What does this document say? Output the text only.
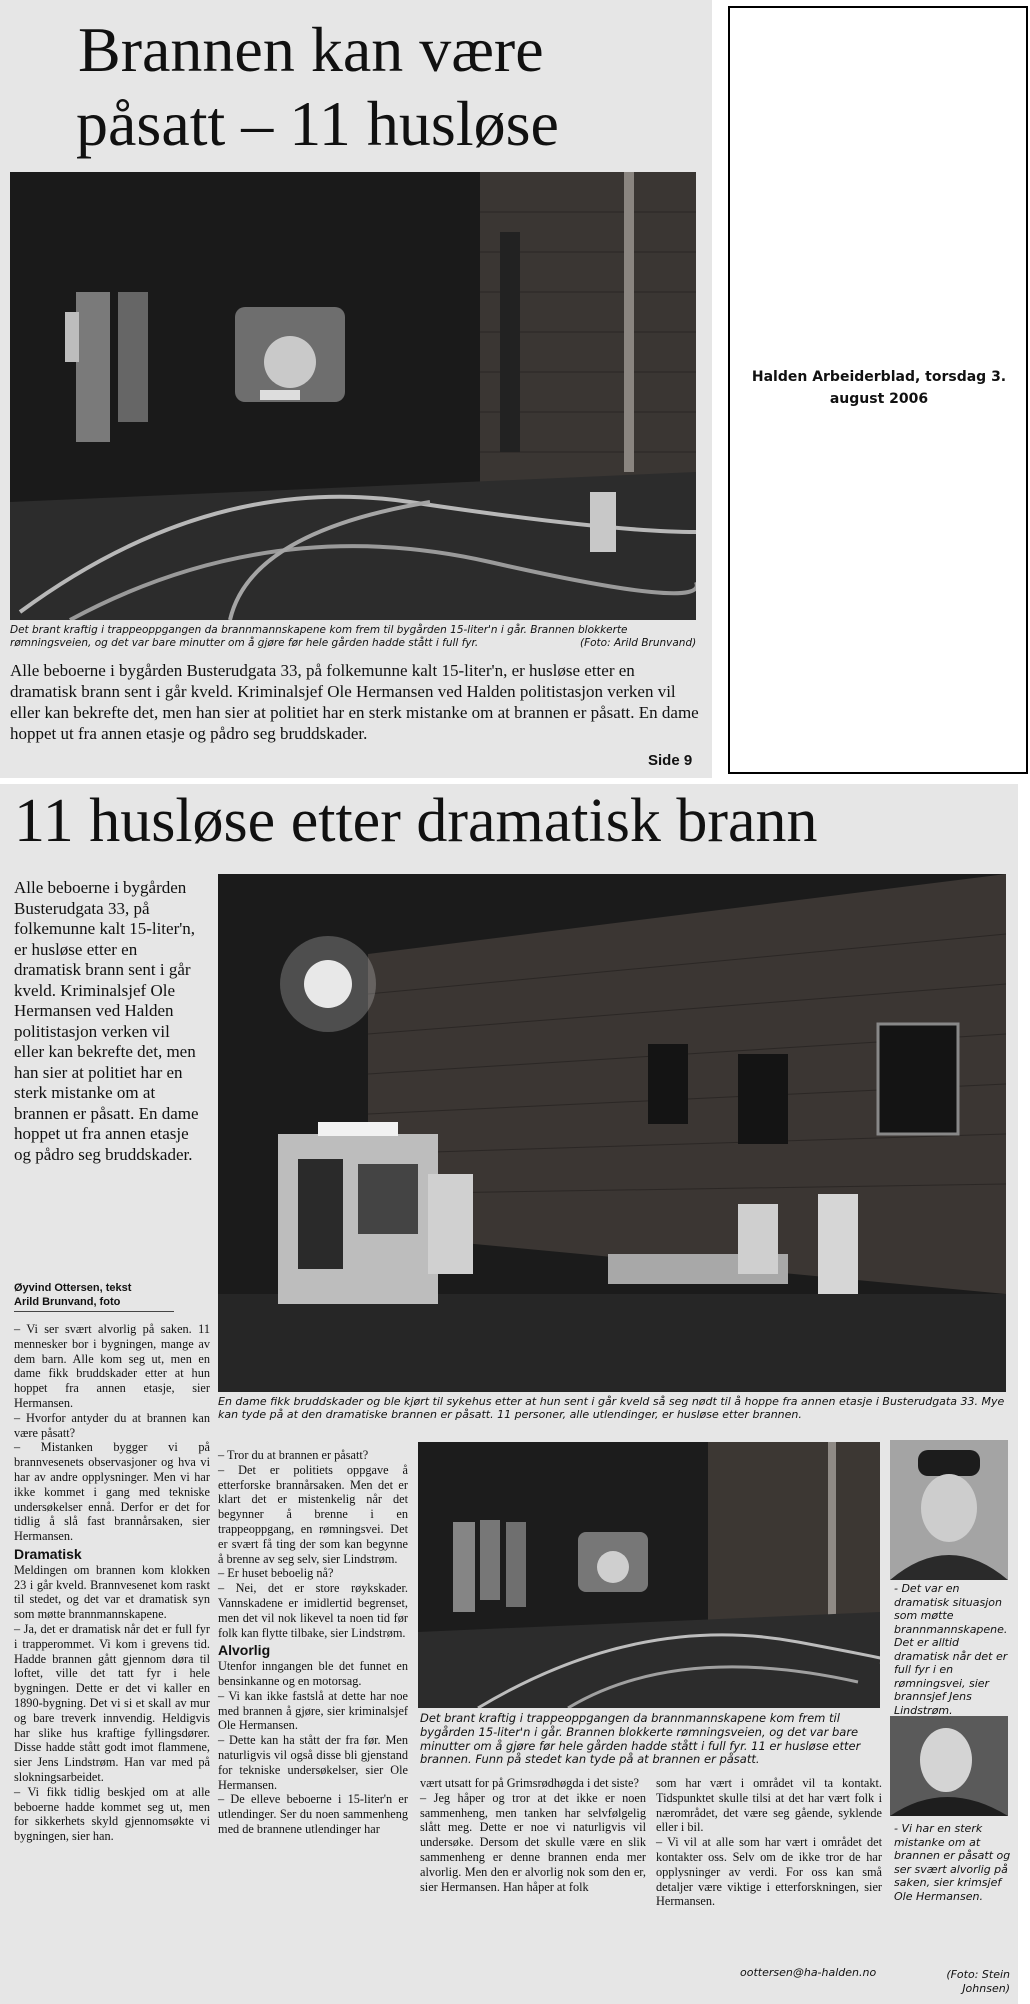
Brannen kan være
påsatt – 11 husløse
Det brant kraftig i trappeoppgangen da brannmannskapene kom frem til bygården 15-liter'n i går. Brannen blokkerte rømningsveien, og det var bare minutter om å gjøre før hele gården hadde stått i full fyr.	(Foto: Arild Brunvand)
Alle beboerne i bygården Busterudgata 33, på folkemunne kalt 15-liter'n, er husløse etter en dramatisk brann sent i går kveld. Kriminalsjef Ole Hermansen ved Halden politistasjon verken vil eller kan bekrefte det, men han sier at politiet har en sterk mistanke om at brannen er påsatt. En dame hoppet ut fra annen etasje og pådro seg bruddskader.
Side 9
Halden Arbeiderblad, torsdag 3. august 2006
11 husløse etter dramatisk brann
Alle beboerne i bygården Busterudgata 33, på folkemunne kalt 15-liter'n, er husløse etter en dramatisk brann sent i går kveld. Kriminalsjef Ole Hermansen ved Halden politistasjon verken vil eller kan bekrefte det, men han sier at politiet har en sterk mistanke om at brannen er påsatt. En dame hoppet ut fra annen etasje og pådro seg bruddskader.
Øyvind Ottersen, tekst
Arild Brunvand, foto
En dame fikk bruddskader og ble kjørt til sykehus etter at hun sent i går kveld så seg nødt til å hoppe fra annen etasje i Busterudgata 33. Mye kan tyde på at den dramatiske brannen er påsatt. 11 personer, alle utlendinger, er husløse etter brannen.

– Vi ser svært alvorlig på saken. 11 mennesker bor i bygningen, mange av dem barn. Alle kom seg ut, men en dame fikk bruddskader etter at hun hoppet fra annen etasje, sier Hermansen.

– Hvorfor antyder du at brannen kan være påsatt?

– Mistanken bygger vi på brannvesenets observasjoner og hva vi har av andre opplysninger. Men vi har ikke kommet i gang med tekniske undersøkelser ennå. Derfor er det for tidlig å slå fast brannårsaken, sier Hermansen.

Dramatisk

Meldingen om brannen kom klokken 23 i går kveld. Brannvesenet kom raskt til stedet, og det var et dramatisk syn som møtte brannmannskapene.

– Ja, det er dramatisk når det er full fyr i trapperommet. Vi kom i grevens tid. Hadde brannen gått gjennom døra til loftet, ville det tatt fyr i hele bygningen. Dette er det vi kaller en 1890-bygning. Det vi si et skall av mur og bare treverk innvendig. Heldigvis har slike hus kraftige fyllingsdører. Disse hadde stått godt imot flammene, sier Jens Lindstrøm. Han var med på slokningsarbeidet.

– Vi fikk tidlig beskjed om at alle beboerne hadde kommet seg ut, men for sikkerhets skyld gjennomsøkte vi bygningen, sier han.

– Tror du at brannen er påsatt?

– Det er politiets oppgave å etterforske brannårsaken. Men det er klart det er mistenkelig når det begynner å brenne i en trappeoppgang, en rømningsvei. Det er svært få ting der som kan begynne å brenne av seg selv, sier Lindstrøm.

– Er huset beboelig nå?

– Nei, det er store røykskader. Vannskadene er imidlertid begrenset, men det vil nok likevel ta noen tid før folk kan flytte tilbake, sier Lindstrøm.

Alvorlig

Utenfor inngangen ble det funnet en bensinkanne og en motorsag.

– Vi kan ikke fastslå at dette har noe med brannen å gjøre, sier kriminalsjef Ole Hermansen.

– Dette kan ha stått der fra før. Men naturligvis vil også disse bli gjenstand for tekniske undersøkelser, sier Ole Hermansen.

– De elleve beboerne i 15-liter'n er utlendinger. Ser du noen sammenheng med de brannene utlendinger har

Det brant kraftig i trappeoppgangen da brannmannskapene kom frem til bygården 15-liter'n i går. Brannen blokkerte rømningsveien, og det var bare minutter om å gjøre før hele gården hadde stått i full fyr. 11 er husløse etter brannen. Funn på stedet kan tyde på at brannen er påsatt.
vært utsatt for på Grimsrødhøgda i det siste?
– Jeg håper og tror at det ikke er noen sammenheng, men tanken har selvfølgelig slått meg. Dette er noe vi naturligvis vil undersøke. Dersom det skulle være en slik sammenheng er denne brannen enda mer alvorlig. Men den er alvorlig nok som den er, sier Hermansen. Han håper at folk
som har vært i området vil ta kontakt. Tidspunktet skulle tilsi at det har vært folk i nærområdet, det være seg gående, syklende eller i bil.
– Vi vil at alle som har vært i området det kontakter oss. Selv om de ikke tror de har opplysninger av verdi. For oss kan små detaljer være viktige i etterforskningen, sier Hermansen.
oottersen@ha-halden.no
- Det var en dramatisk situasjon som møtte brannmannskapene. Det er alltid dramatisk når det er full fyr i en rømningsvei, sier brannsjef Jens Lindstrøm.
- Vi har en sterk mistanke om at brannen er påsatt og ser svært alvorlig på saken, sier krimsjef Ole Hermansen.
(Foto: Stein Johnsen)
